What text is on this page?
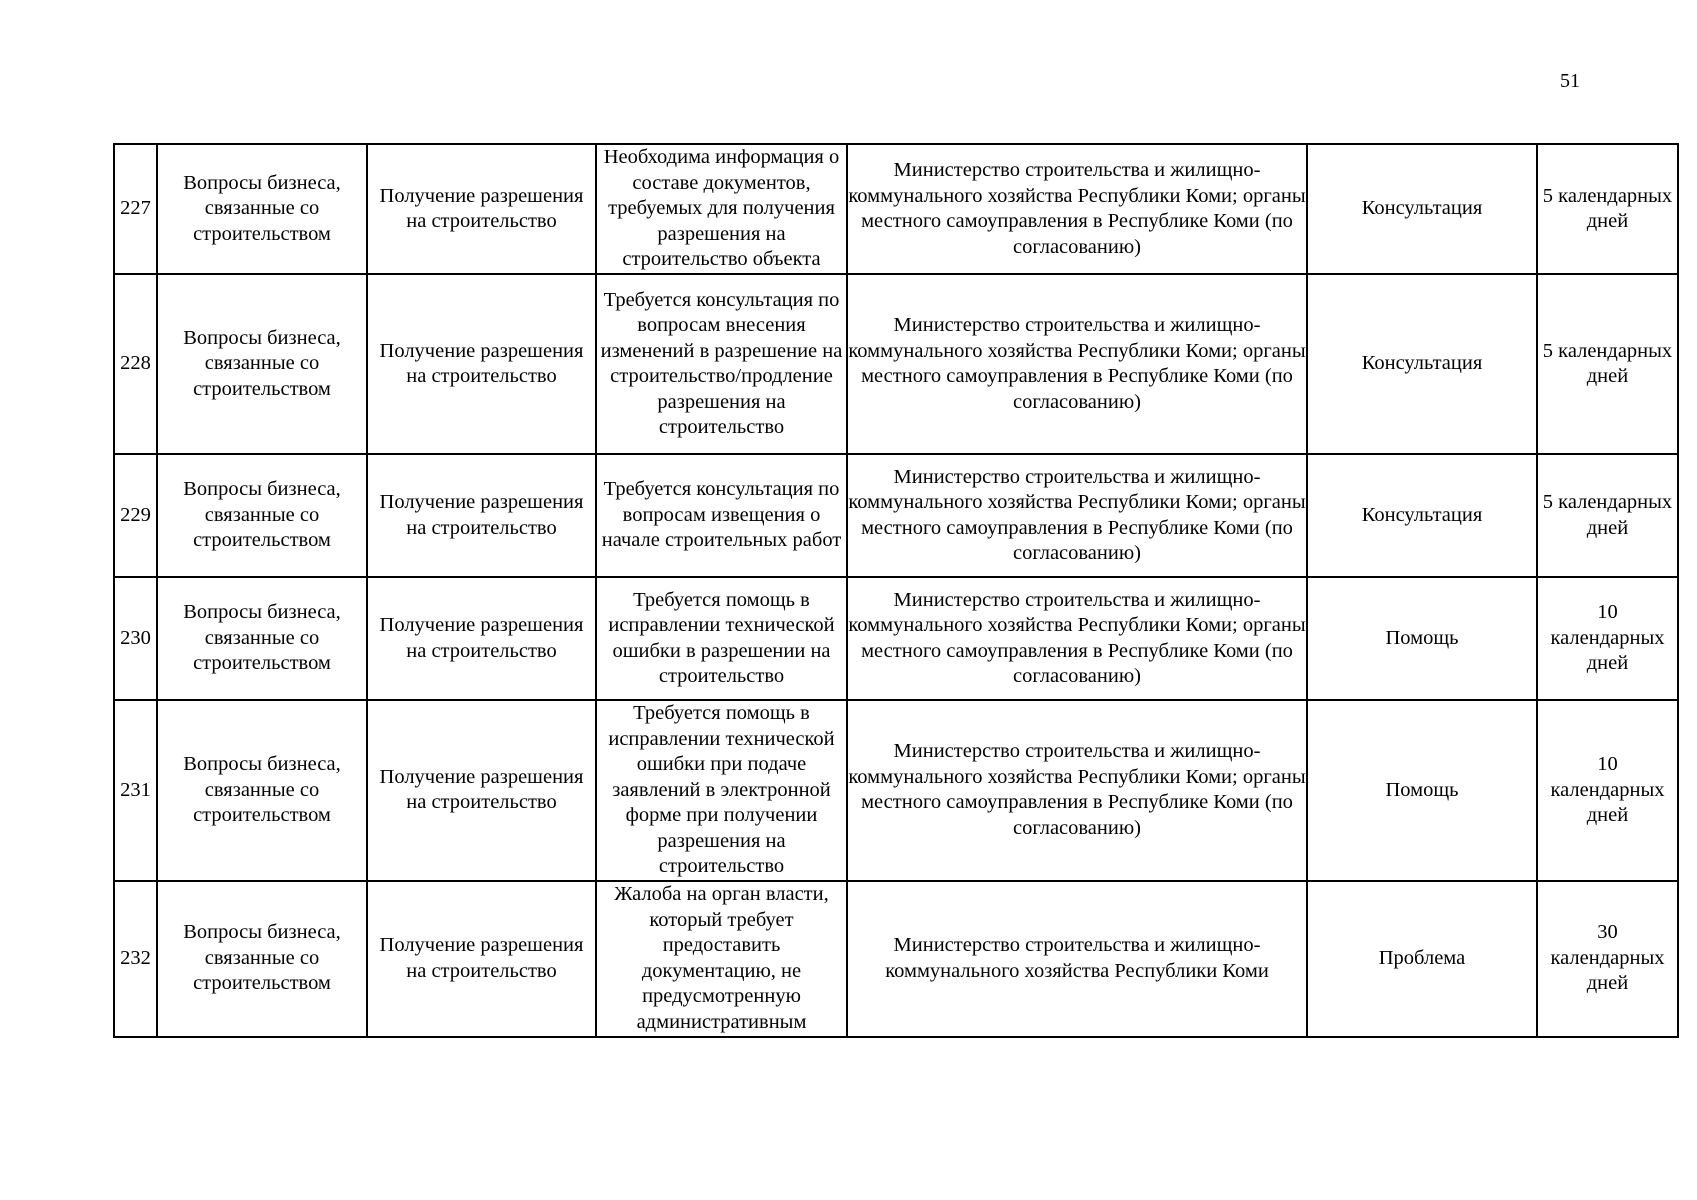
51
227	Вопросы бизнеса, связанные со строительством	Получение разрешения на строительство	Необходима информация о составе документов, требуемых для получения разрешения на строительство объекта	Министерство строительства и жилищно-коммунального хозяйства Республики Коми; органы местного самоуправления в Республике Коми (по согласованию)	Консультация	5 календарных дней
228	Вопросы бизнеса, связанные со строительством	Получение разрешения на строительство	Требуется консультация по вопросам внесения изменений в разрешение на строительство/продление разрешения на строительство	Министерство строительства и жилищно-коммунального хозяйства Республики Коми; органы местного самоуправления в Республике Коми (по согласованию)	Консультация	5 календарных дней
229	Вопросы бизнеса, связанные со строительством	Получение разрешения на строительство	Требуется консультация по вопросам извещения о начале строительных работ	Министерство строительства и жилищно-коммунального хозяйства Республики Коми; органы местного самоуправления в Республике Коми (по согласованию)	Консультация	5 календарных дней
230	Вопросы бизнеса, связанные со строительством	Получение разрешения на строительство	Требуется помощь в исправлении технической ошибки в разрешении на строительство	Министерство строительства и жилищно-коммунального хозяйства Республики Коми; органы местного самоуправления в Республике Коми (по согласованию)	Помощь	10 календарных дней
231	Вопросы бизнеса, связанные со строительством	Получение разрешения на строительство	Требуется помощь в исправлении технической ошибки при подаче заявлений в электронной форме при получении разрешения на строительство	Министерство строительства и жилищно-коммунального хозяйства Республики Коми; органы местного самоуправления в Республике Коми (по согласованию)	Помощь	10 календарных дней
232	Вопросы бизнеса, связанные со строительством	Получение разрешения на строительство	Жалоба на орган власти, который требует предоставить документацию, не предусмотренную административным	Министерство строительства и жилищно-коммунального хозяйства Республики Коми	Проблема	30 календарных дней
